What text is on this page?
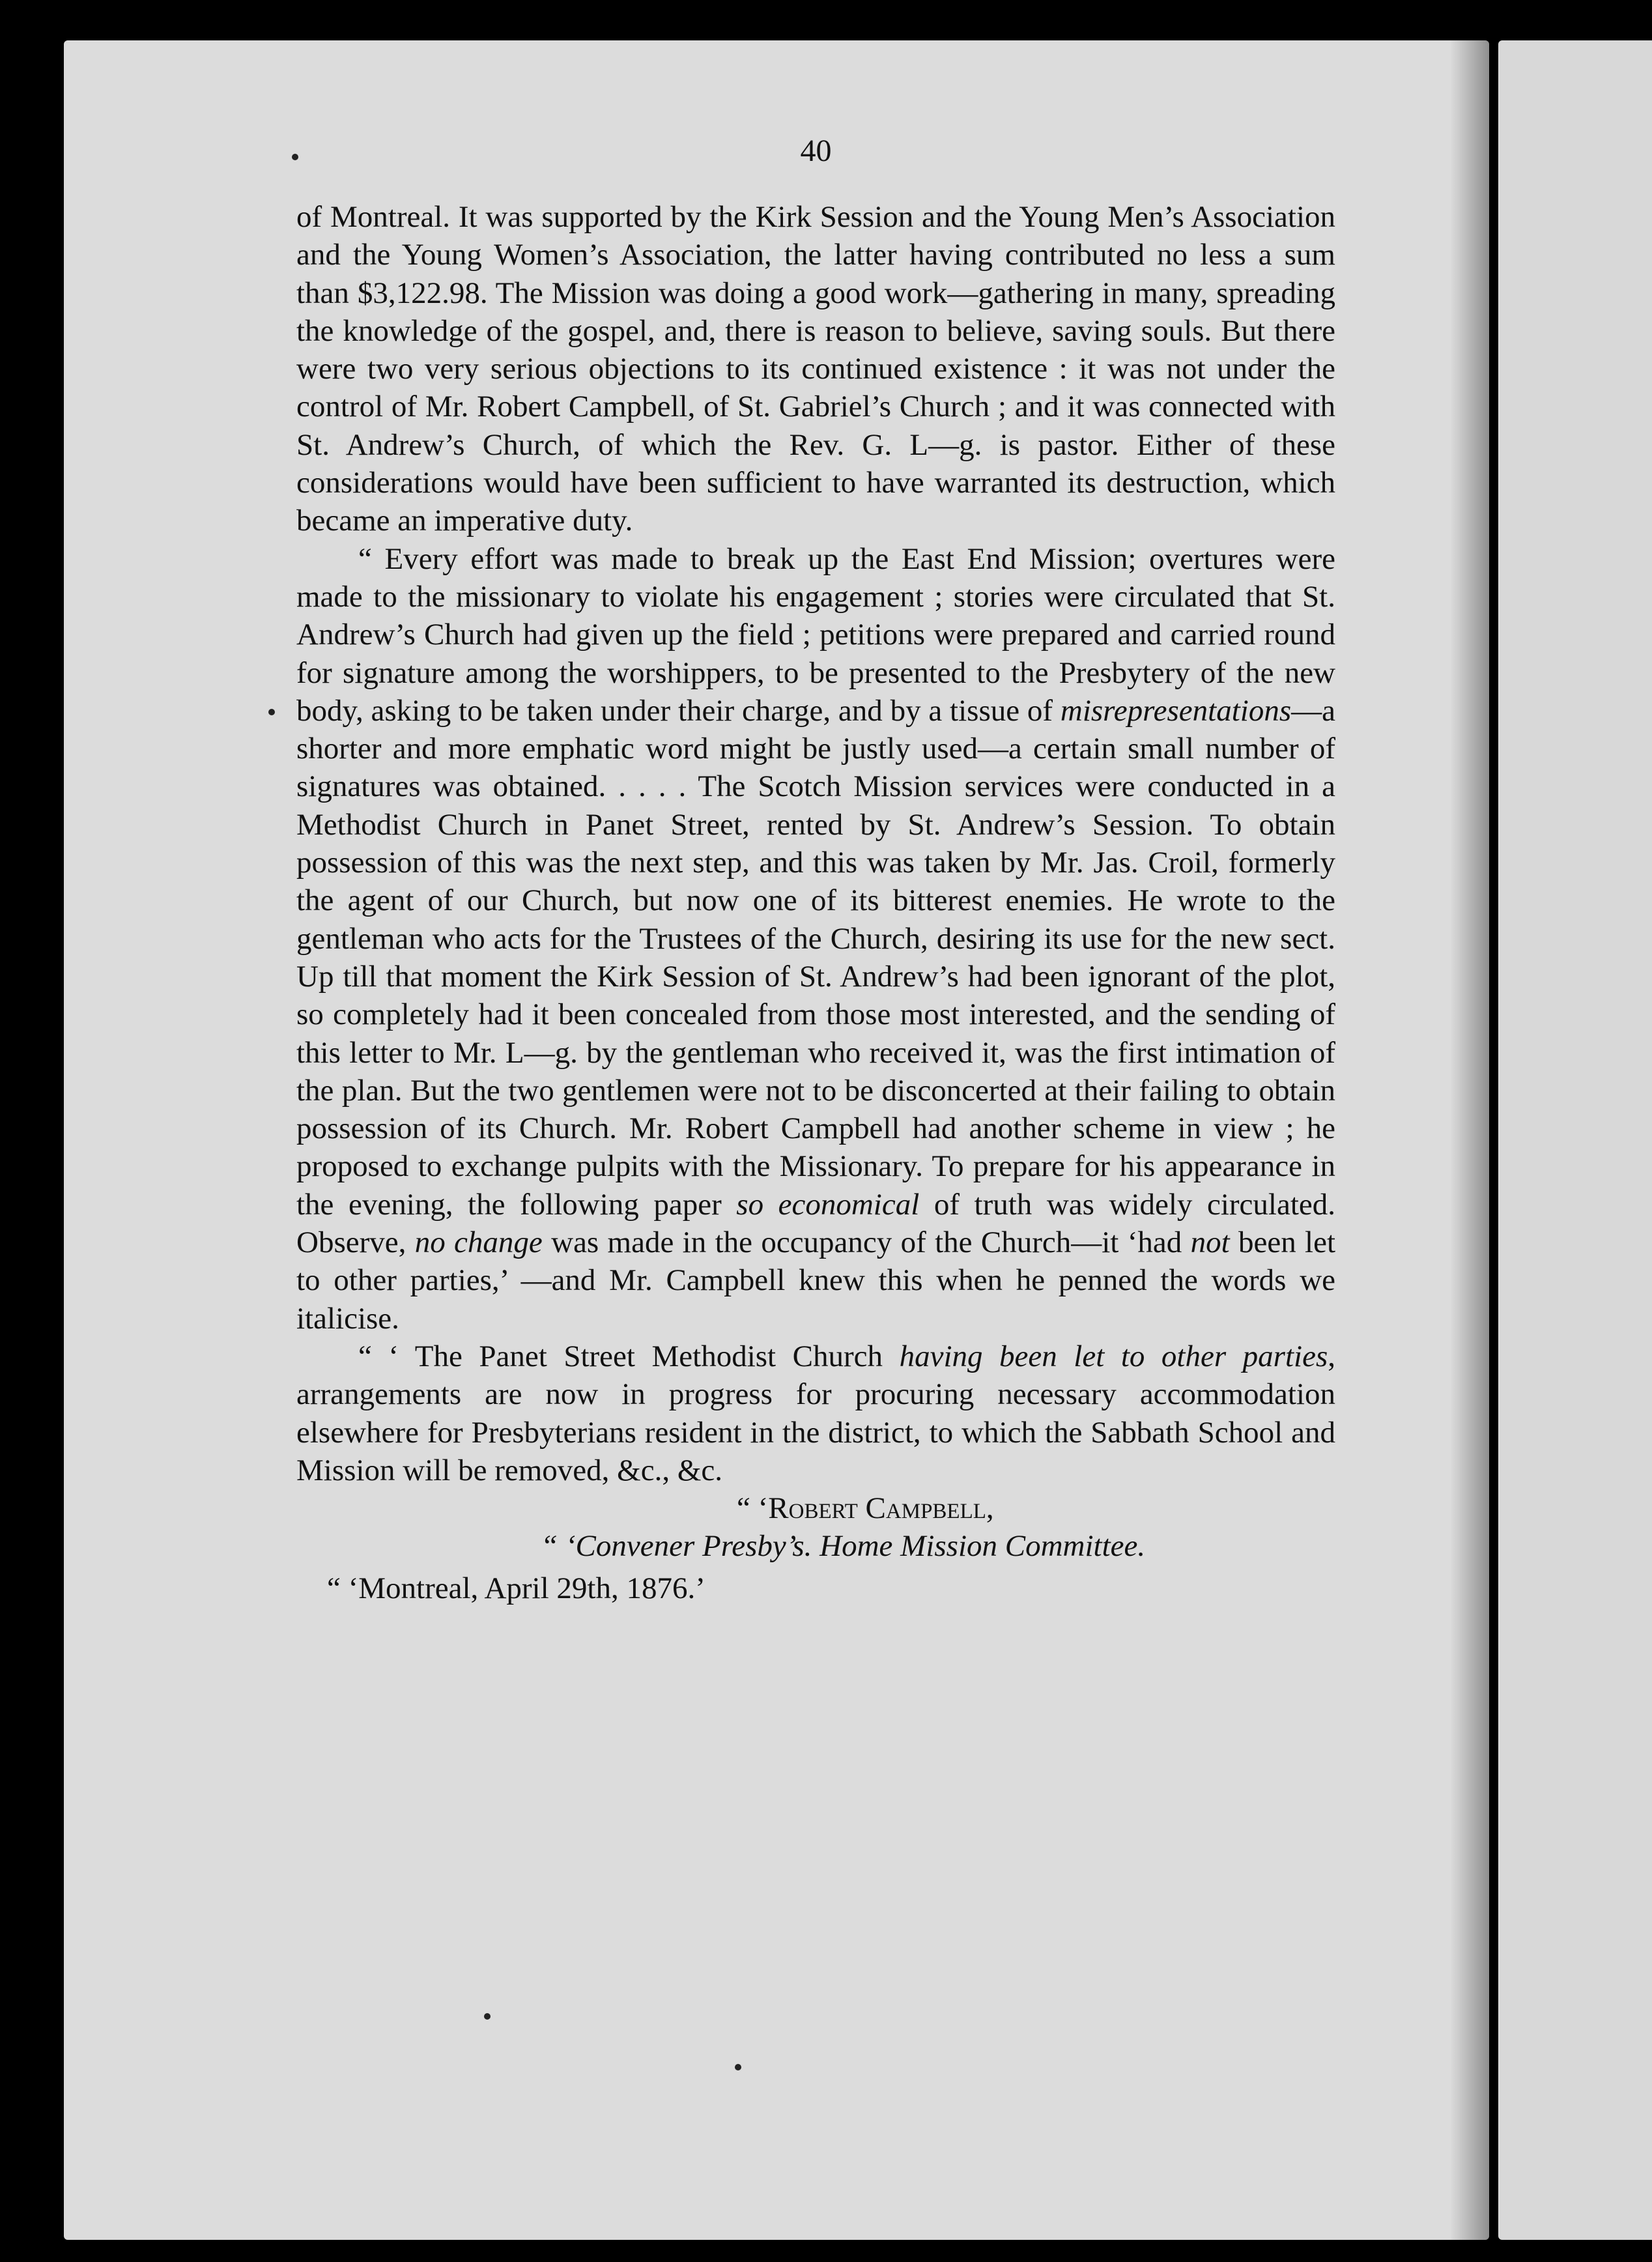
40

of Montreal. It was supported by the Kirk Session and the Young Men’s Association and the Young Women’s Association, the latter having contributed no less a sum than $3,122.98. The Mission was doing a good work—gathering in many, spreading the knowledge of the gospel, and, there is reason to believe, saving souls. But there were two very serious objections to its continued existence : it was not under the control of Mr. Robert Campbell, of St. Gabriel’s Church ; and it was connected with St. Andrew’s Church, of which the Rev. G. L—g. is pastor. Either of these considerations would have been sufficient to have warranted its destruction, which became an imperative duty.

“ Every effort was made to break up the East End Mission; overtures were made to the missionary to violate his engagement ; stories were circulated that St. Andrew’s Church had given up the field ; petitions were prepared and carried round for signature among the worshippers, to be presented to the Presbytery of the new body, asking to be taken under their charge, and by a tissue of misrepresentations—a shorter and more emphatic word might be justly used—a certain small number of signatures was obtained. . . . . The Scotch Mission services were conducted in a Methodist Church in Panet Street, rented by St. Andrew’s Session. To obtain possession of this was the next step, and this was taken by Mr. Jas. Croil, formerly the agent of our Church, but now one of its bitterest enemies. He wrote to the gentleman who acts for the Trustees of the Church, desiring its use for the new sect. Up till that moment the Kirk Session of St. Andrew’s had been ignorant of the plot, so completely had it been concealed from those most interested, and the sending of this letter to Mr. L—g. by the gentleman who received it, was the first intimation of the plan. But the two gentlemen were not to be disconcerted at their failing to obtain possession of its Church. Mr. Robert Campbell had another scheme in view ; he proposed to exchange pulpits with the Missionary. To prepare for his appearance in the evening, the following paper so economical of truth was widely circulated. Observe, no change was made in the occupancy of the Church—it ‘had not been let to other parties,’ —and Mr. Campbell knew this when he penned the words we italicise.

“ ‘ The Panet Street Methodist Church having been let to other parties, arrangements are now in progress for procuring necessary accommodation elsewhere for Presbyterians resident in the district, to which the Sabbath School and Mission will be removed, &c., &c.

“ ‘Robert Campbell,

“ ‘Convener Presby’s. Home Mission Committee.

“ ‘Montreal, April 29th, 1876.’
